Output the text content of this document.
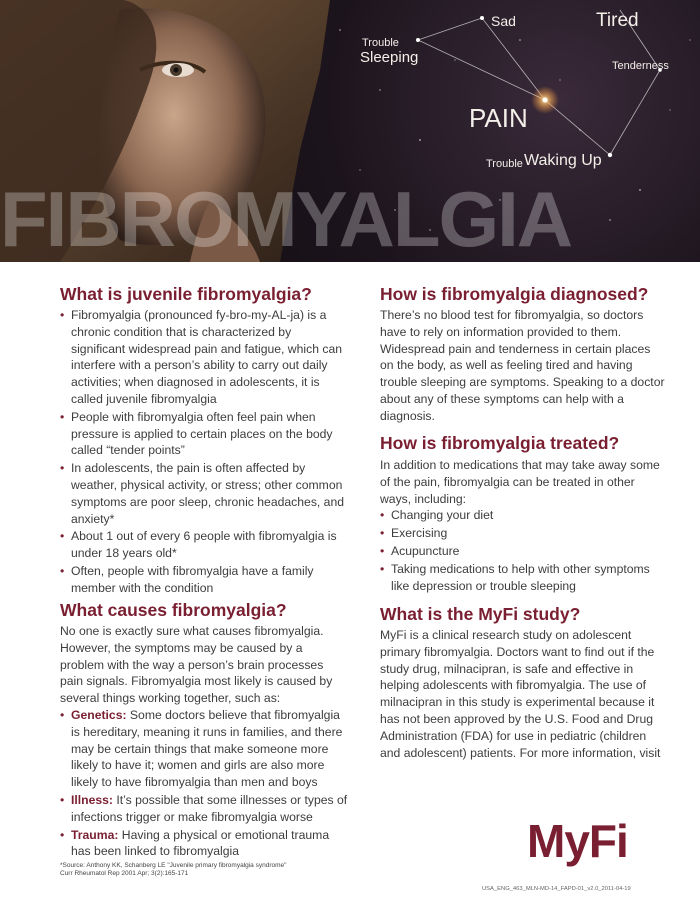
Sad	Tired
Trouble
Sleeping	Tenderness
PAIN
Trouble Waking Up
FIBROMYALGIA
What is juvenile fibromyalgia?
• Fibromyalgia (pronounced fy-bro-my-AL-ja) is a chronic condition that is characterized by significant widespread pain and fatigue, which can interfere with a person’s ability to carry out daily activities; when diagnosed in adolescents, it is called juvenile fibromyalgia
• People with fibromyalgia often feel pain when pressure is applied to certain places on the body called “tender points”
• In adolescents, the pain is often affected by weather, physical activity, or stress; other common symptoms are poor sleep, chronic headaches, and anxiety*
• About 1 out of every 6 people with fibromyalgia is under 18 years old*
• Often, people with fibromyalgia have a family member with the condition
What causes fibromyalgia?

No one is exactly sure what causes fibromyalgia. However, the symptoms may be caused by a problem with the way a person’s brain processes pain signals. Fibromyalgia most likely is caused by several things working together, such as:

• Genetics: Some doctors believe that fibromyalgia is hereditary, meaning it runs in families, and there may be certain things that make someone more likely to have it; women and girls are also more likely to have fibromyalgia than men and boys
• Illness: It’s possible that some illnesses or types of infections trigger or make fibromyalgia worse
• Trauma: Having a physical or emotional trauma has been linked to fibromyalgia
*Source: Anthony KK, Schanberg LE "Juvenile primary fibromyalgia syndrome"
Curr Rheumatol Rep 2001 Apr; 3(2):165-171
How is fibromyalgia diagnosed?

There’s no blood test for fibromyalgia, so doctors have to rely on information provided to them. Widespread pain and tenderness in certain places on the body, as well as feeling tired and having trouble sleeping are symptoms. Speaking to a doctor about any of these symptoms can help with a diagnosis.

How is fibromyalgia treated?

In addition to medications that may take away some of the pain, fibromyalgia can be treated in other ways, including:

• Changing your diet
• Exercising
• Acupuncture
• Taking medications to help with other symptoms like depression or trouble sleeping
What is the MyFi study?

MyFi is a clinical research study on adolescent primary fibromyalgia. Doctors want to find out if the study drug, milnacipran, is safe and effective in helping adolescents with fibromyalgia. The use of milnacipran in this study is experimental because it has not been approved by the U.S. Food and Drug Administration (FDA) for use in pediatric (children and adolescent) patients. For more information, visit

MyFi
USA_ENG_463_MLN-MD-14_FAPD-01_v2.0_2011-04-19
